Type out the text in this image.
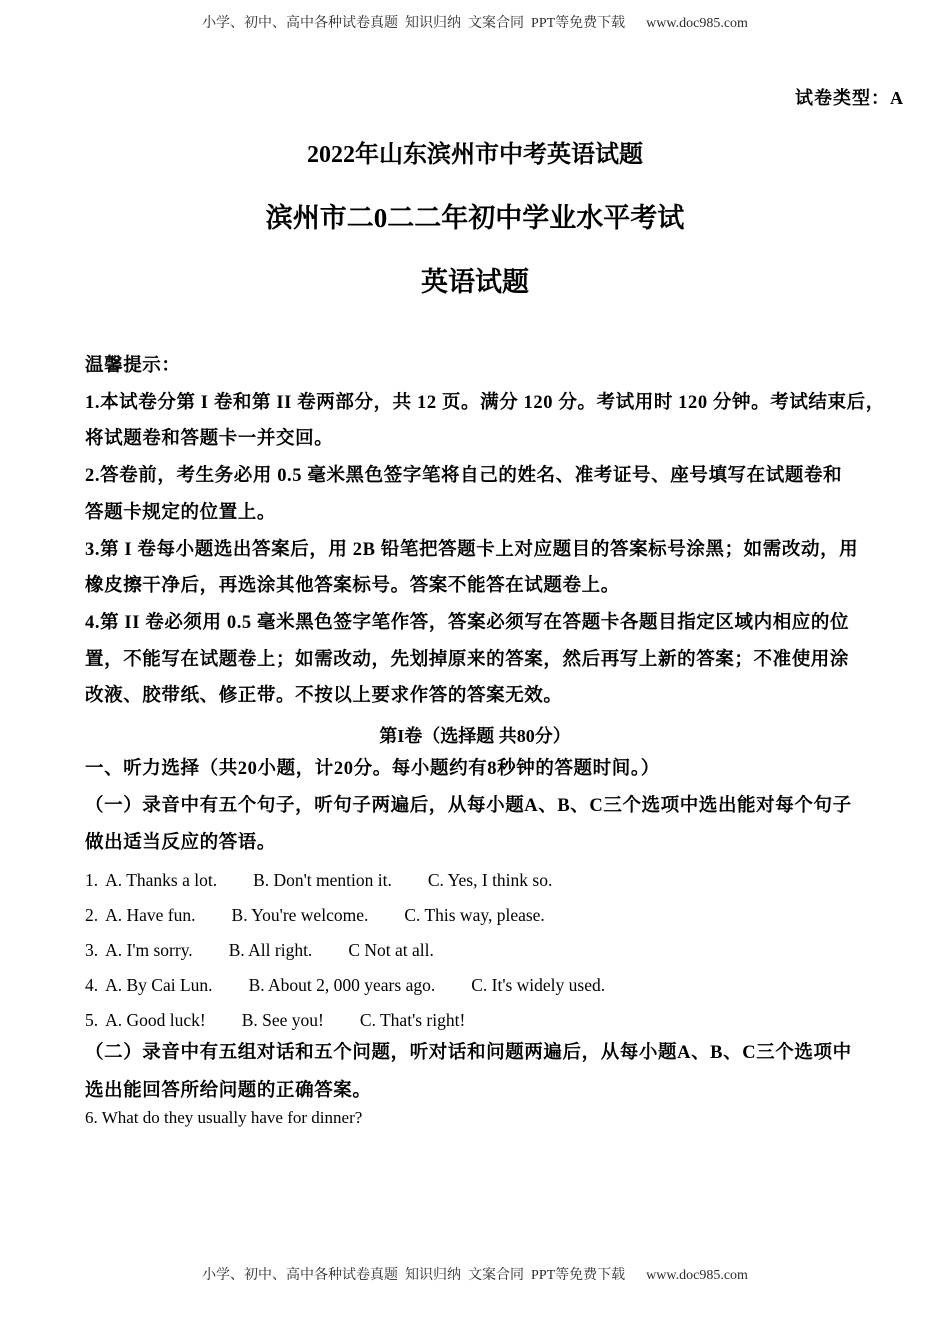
小学、初中、高中各种试卷真题  知识归纳  文案合同  PPT等免费下载      www.doc985.com
试卷类型：A
2022年山东滨州市中考英语试题
滨州市二0二二年初中学业水平考试
英语试题
温馨提示：
1.本试卷分第 I 卷和第 II 卷两部分，共 12 页。满分 120 分。考试用时 120 分钟。考试结束后，
将试题卷和答题卡一并交回。
2.答卷前，考生务必用 0.5 毫米黑色签字笔将自己的姓名、准考证号、座号填写在试题卷和
答题卡规定的位置上。
3.第 I 卷每小题选出答案后，用 2B 铅笔把答题卡上对应题目的答案标号涂黑；如需改动，用
橡皮擦干净后，再选涂其他答案标号。答案不能答在试题卷上。
4.第 II 卷必须用 0.5 毫米黑色签字笔作答，答案必须写在答题卡各题目指定区域内相应的位
置，不能写在试题卷上；如需改动，先划掉原来的答案，然后再写上新的答案；不准使用涂
改液、胶带纸、修正带。不按以上要求作答的答案无效。
第I卷（选择题 共80分）
一、听力选择（共20小题，计20分。每小题约有8秒钟的答题时间。）
（一）录音中有五个句子，听句子两遍后，从每小题A、B、C三个选项中选出能对每个句子
做出适当反应的答语。
1. A. Thanks a lot. B. Don't mention it. C. Yes, I think so.
2. A. Have fun. B. You're welcome. C. This way, please.
3. A. I'm sorry. B. All right. C Not at all.
4. A. By Cai Lun. B. About 2, 000 years ago. C. It's widely used.
5. A. Good luck! B. See you! C. That's right!
（二）录音中有五组对话和五个问题，听对话和问题两遍后，从每小题A、B、C三个选项中
选出能回答所给问题的正确答案。
6. What do they usually have for dinner?
小学、初中、高中各种试卷真题  知识归纳  文案合同  PPT等免费下载      www.doc985.com
